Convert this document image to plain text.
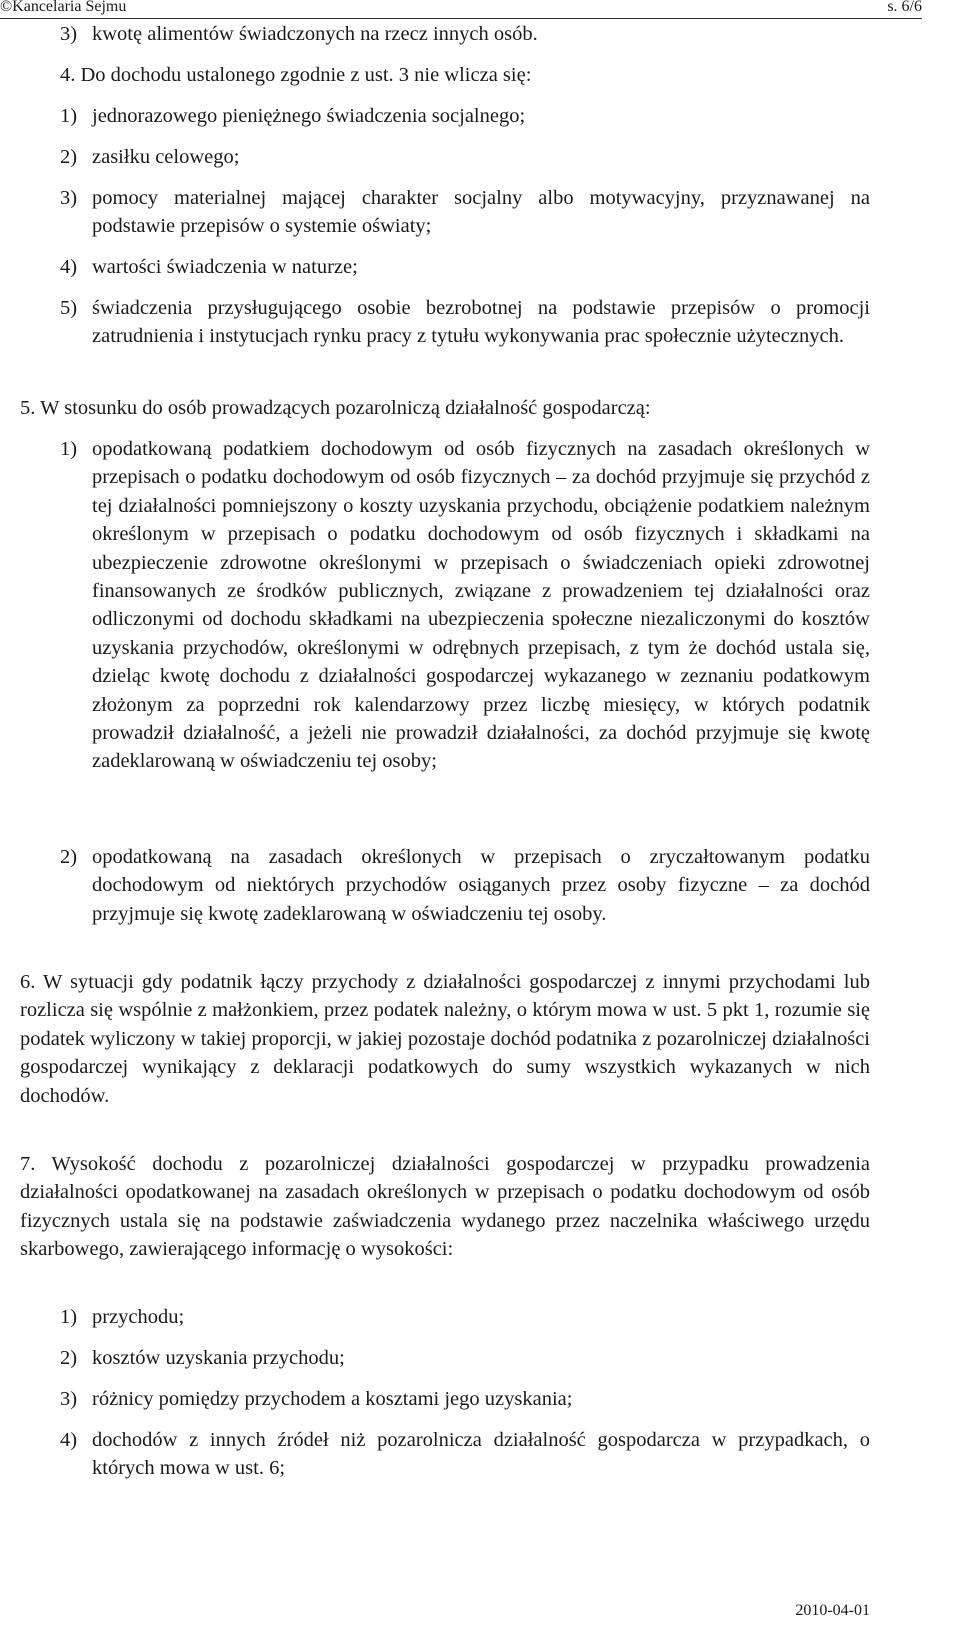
©Kancelaria Sejmu	s. 6/6
3) kwotę alimentów świadczonych na rzecz innych osób.
4. Do dochodu ustalonego zgodnie z ust. 3 nie wlicza się:
1) jednorazowego pieniężnego świadczenia socjalnego;
2) zasiłku celowego;
3) pomocy materialnej mającej charakter socjalny albo motywacyjny, przyznawanej na podstawie przepisów o systemie oświaty;
4) wartości świadczenia w naturze;
5) świadczenia przysługującego osobie bezrobotnej na podstawie przepisów o promocji zatrudnienia i instytucjach rynku pracy z tytułu wykonywania prac społecznie użytecznych.
5. W stosunku do osób prowadzących pozarolniczą działalność gospodarczą:
1) opodatkowaną podatkiem dochodowym od osób fizycznych na zasadach określonych w przepisach o podatku dochodowym od osób fizycznych – za dochód przyjmuje się przychód z tej działalności pomniejszony o koszty uzyskania przychodu, obciążenie podatkiem należnym określonym w przepisach o podatku dochodowym od osób fizycznych i składkami na ubezpieczenie zdrowotne określonymi w przepisach o świadczeniach opieki zdrowotnej finansowanych ze środków publicznych, związane z prowadzeniem tej działalności oraz odliczonymi od dochodu składkami na ubezpieczenia społeczne niezaliczonymi do kosztów uzyskania przychodów, określonymi w odrębnych przepisach, z tym że dochód ustala się, dzieląc kwotę dochodu z działalności gospodarczej wykazanego w zeznaniu podatkowym złożonym za poprzedni rok kalendarzowy przez liczbę miesięcy, w których podatnik prowadził działalność, a jeżeli nie prowadził działalności, za dochód przyjmuje się kwotę zadeklarowaną w oświadczeniu tej osoby;
2) opodatkowaną na zasadach określonych w przepisach o zryczałtowanym podatku dochodowym od niektórych przychodów osiąganych przez osoby fizyczne – za dochód przyjmuje się kwotę zadeklarowaną w oświadczeniu tej osoby.
6. W sytuacji gdy podatnik łączy przychody z działalności gospodarczej z innymi przychodami lub rozlicza się wspólnie z małżonkiem, przez podatek należny, o którym mowa w ust. 5 pkt 1, rozumie się podatek wyliczony w takiej proporcji, w jakiej pozostaje dochód podatnika z pozarolniczej działalności gospodarczej wynikający z deklaracji podatkowych do sumy wszystkich wykazanych w nich dochodów.
7. Wysokość dochodu z pozarolniczej działalności gospodarczej w przypadku prowadzenia działalności opodatkowanej na zasadach określonych w przepisach o podatku dochodowym od osób fizycznych ustala się na podstawie zaświadczenia wydanego przez naczelnika właściwego urzędu skarbowego, zawierającego informację o wysokości:
1) przychodu;
2) kosztów uzyskania przychodu;
3) różnicy pomiędzy przychodem a kosztami jego uzyskania;
4) dochodów z innych źródeł niż pozarolnicza działalność gospodarcza w przypadkach, o których mowa w ust. 6;
2010-04-01
